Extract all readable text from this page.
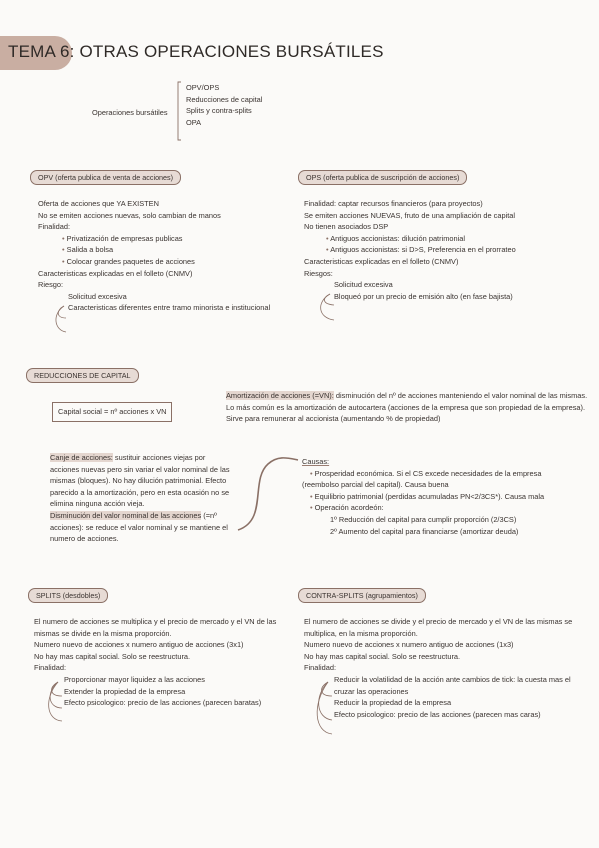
TEMA 6: OTRAS OPERACIONES BURSÁTILES
Operaciones bursátiles
OPV/OPS
Reducciones de capital
Splits y contra-splits
OPA
OPV (oferta publica de venta de acciones)
Oferta de acciones que YA EXISTEN
No se emiten acciones nuevas, solo cambian de manos
Finalidad:
• Privatización de empresas publicas
• Salida a bolsa
• Colocar grandes paquetes de acciones
Caracteristicas explicadas en el folleto (CNMV)
Riesgo:
Solicitud excesiva
Caracteristicas diferentes entre tramo minorista e institucional
OPS (oferta publica de suscripción de acciones)
Finalidad: captar recursos financieros (para proyectos)
Se emiten acciones NUEVAS, fruto de una ampliación de capital
No tienen asociados DSP
• Antiguos accionistas: dilución patrimonial
• Antiguos accionistas: si D>S, Preferencia en el prorrateo
Caracteristicas explicadas en el folleto (CNMV)
Riesgos:
Solicitud excesiva
Bloqueó por un precio de emisión alto (en fase bajista)
REDUCCIONES DE CAPITAL
Capital social = nº acciones x VN
Amortización de acciones (=VN): disminución del nº de acciones manteniendo el valor nominal de las mismas.
Lo más común es la amortización de autocartera (acciones de la empresa que son propiedad de la empresa).
Sirve para remunerar al accionista (aumentando % de propiedad)
Canje de acciones: sustituir acciones viejas por
acciones nuevas pero sin variar el valor nominal de las
mismas (bloques). No hay dilución patrimonial. Efecto
parecido a la amortización, pero en esta ocasión no se
elimina ninguna acción vieja.
Disminución del valor nominal de las acciones (=nº
acciones): se reduce el valor nominal y se mantiene el
numero de acciones.
Causas:
• Prosperidad económica. Si el CS excede necesidades de la empresa
(reembolso parcial del capital). Causa buena
• Equilibrio patrimonial (perdidas acumuladas PN<2/3CS*). Causa mala
• Operación acordeón:
1º Reducción del capital para cumplir proporción (2/3CS)
2º Aumento del capital para financiarse (amortizar deuda)
SPLITS (desdobles)
El numero de acciones se multiplica y el precio de mercado y el VN de las
mismas se divide en la misma proporción.
Numero nuevo de acciones x numero antiguo de acciones (3x1)
No hay mas capital social. Solo se reestructura.
Finalidad:
Proporcionar mayor liquidez a las acciones
Extender la propiedad de la empresa
Efecto psicologico: precio de las acciones (parecen baratas)
CONTRA-SPLITS (agrupamientos)
El numero de acciones se divide y el precio de mercado y el VN de las mismas se
multiplica, en la misma proporción.
Numero nuevo de acciones x numero antiguo de acciones (1x3)
No hay mas capital social. Solo se reestructura.
Finalidad:
Reducir la volatilidad de la acción ante cambios de tick: la cuesta mas el
cruzar las operaciones
Reducir la propiedad de la empresa
Efecto psicologico: precio de las acciones (parecen mas caras)
